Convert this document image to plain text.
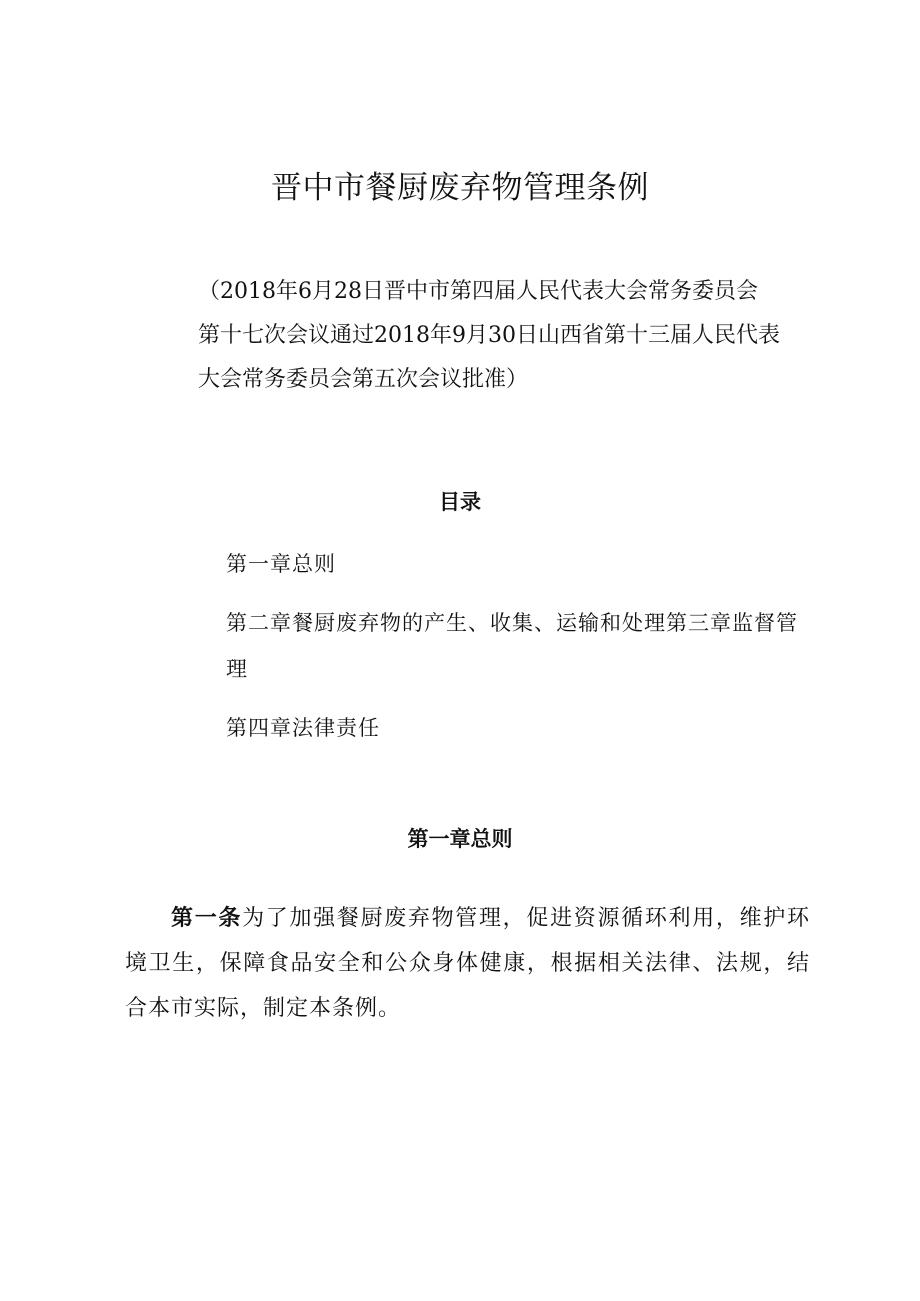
晋中市餐厨废弃物管理条例
（2018年6月28日晋中市第四届人民代表大会常务委员会
第十七次会议通过2018年9月30日山西省第十三届人民代表
大会常务委员会第五次会议批准）
目录
第一章总则
第二章餐厨废弃物的产生、收集、运输和处理第三章监督管理
第四章法律责任
第一章总则

第一条为了加强餐厨废弃物管理，促进资源循环利用，维护环境卫生，保障食品安全和公众身体健康，根据相关法律、法规，结合本市实际，制定本条例。
